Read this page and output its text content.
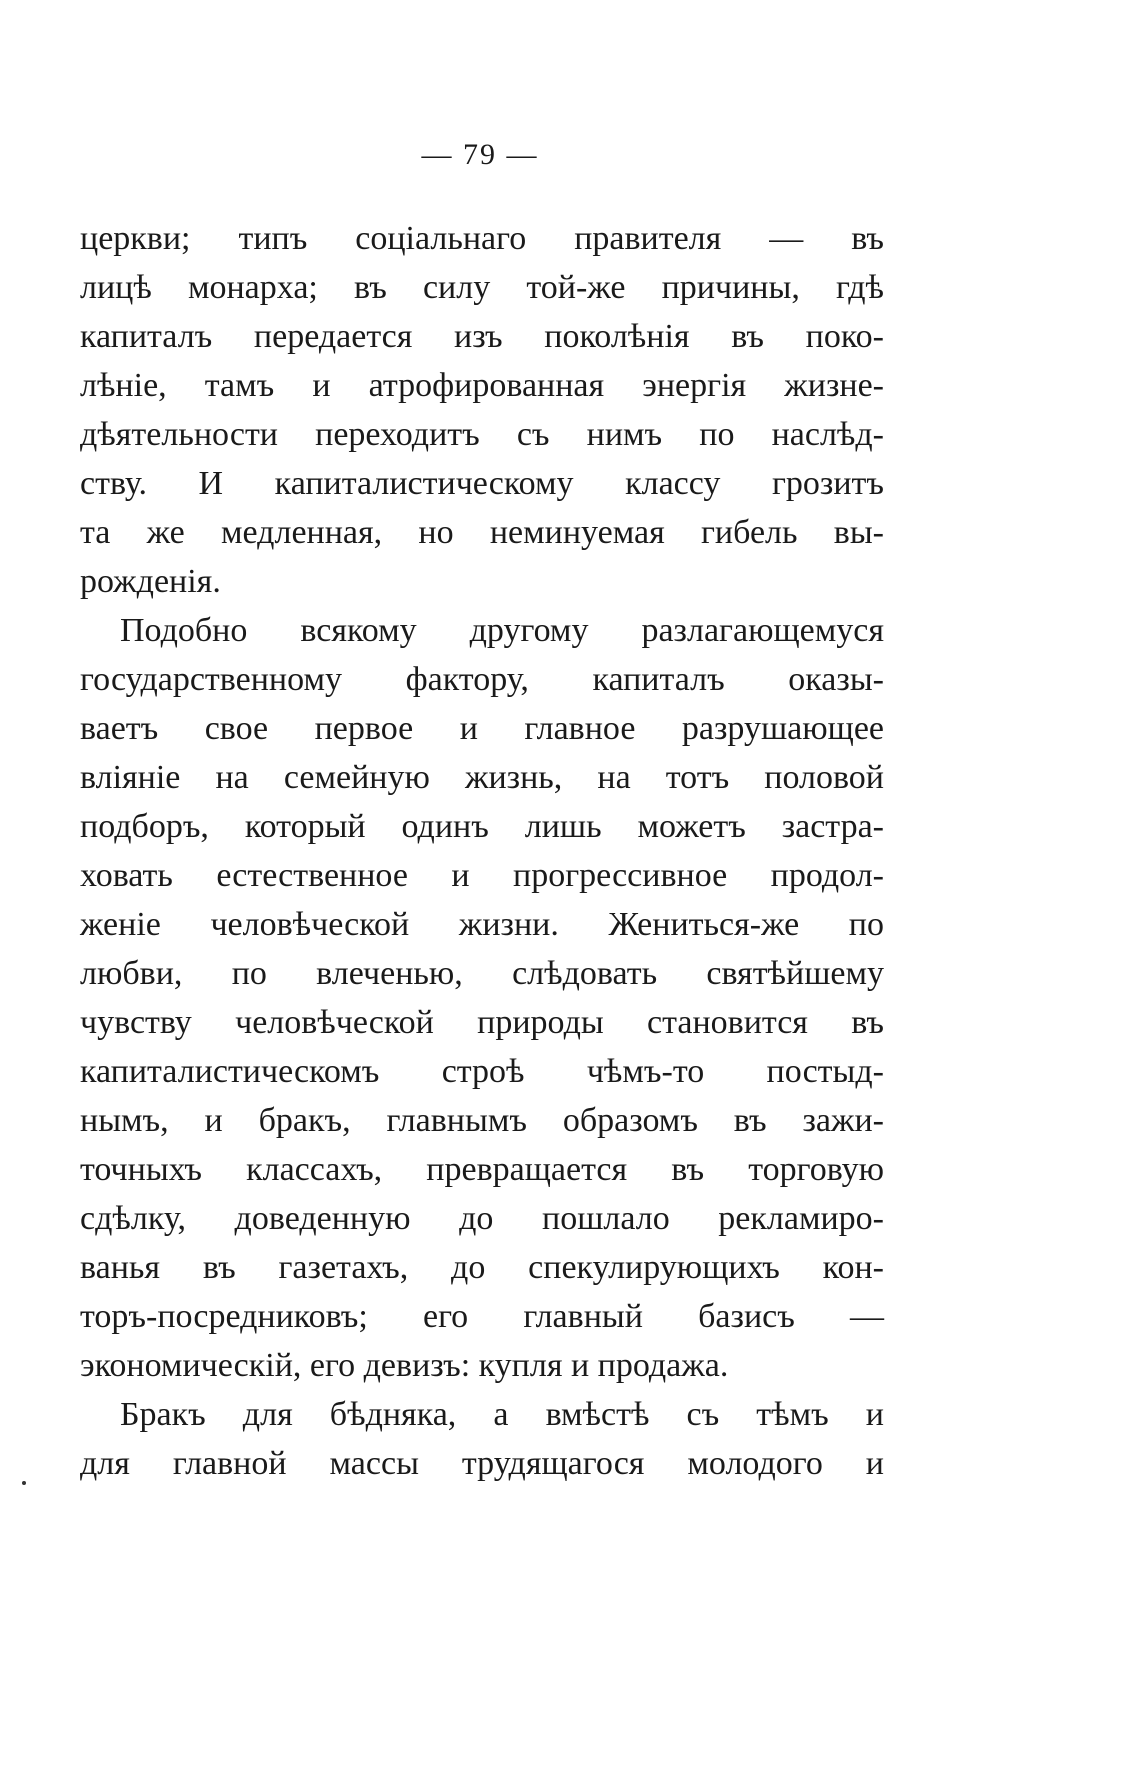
— 79 —
церкви; типъ соціальнаго правителя — въ
лицѣ монарха; въ силу той-же причины, гдѣ
капиталъ передается изъ поколѣнія въ поко-
лѣніе, тамъ и атрофированная энергія жизне-
дѣятельности переходитъ съ нимъ по наслѣд-
ству. И капиталистическому классу грозитъ
та же медленная, но неминуемая гибель вы-
рожденія.
Подобно всякому другому разлагающемуся
государственному фактору, капиталъ оказы-
ваетъ свое первое и главное разрушающее
вліяніе на семейную жизнь, на тотъ половой
подборъ, который одинъ лишь можетъ застра-
ховать естественное и прогрессивное продол-
женіе человѣческой жизни. Жениться-же по
любви, по влеченью, слѣдовать святѣйшему
чувству человѣческой природы становится въ
капиталистическомъ строѣ чѣмъ-то постыд-
нымъ, и бракъ, главнымъ образомъ въ зажи-
точныхъ классахъ, превращается въ торговую
сдѣлку, доведенную до пошлало рекламиро-
ванья въ газетахъ, до спекулирующихъ кон-
торъ-посредниковъ; его главный базисъ —
экономическій, его девизъ: купля и продажа.
Бракъ для бѣдняка, а вмѣстѣ съ тѣмъ и
для главной массы трудящагося молодого и
